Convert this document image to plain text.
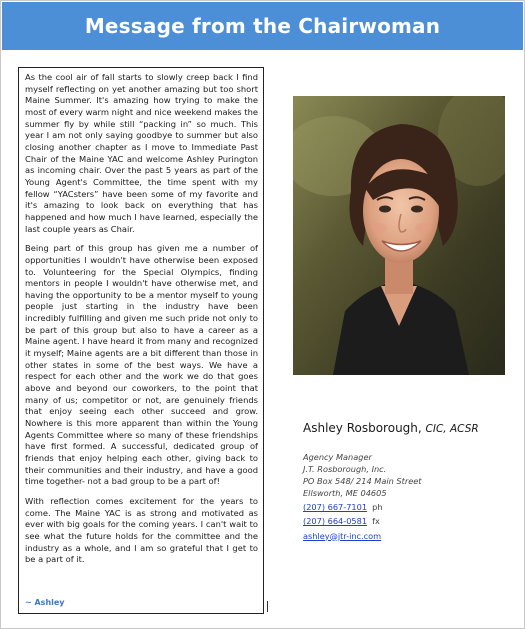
Message from the Chairwoman

As the cool air of fall starts to slowly creep back I find myself reflecting on yet another amazing but too short Maine Summer. It's amazing how trying to make the most of every warm night and nice weekend makes the summer fly by while still “packing in” so much. This year I am not only saying goodbye to summer but also closing another chapter as I move to Immediate Past Chair of the Maine YAC and welcome Ashley Purington as incoming chair. Over the past 5 years as part of the Young Agent's Committee, the time spent with my fellow “YACsters” have been some of my favorite and it's amazing to look back on everything that has happened and how much I have learned, especially the last couple years as Chair.

Being part of this group has given me a number of opportunities I wouldn't have otherwise been exposed to. Volunteering for the Special Olympics, finding mentors in people I wouldn't have otherwise met, and having the opportunity to be a mentor myself to young people just starting in the industry have been incredibly fulfilling and given me such pride not only to be part of this group but also to have a career as a Maine agent. I have heard it from many and recognized it myself; Maine agents are a bit different than those in other states in some of the best ways. We have a respect for each other and the work we do that goes above and beyond our coworkers, to the point that many of us; competitor or not, are genuinely friends that enjoy seeing each other succeed and grow. Nowhere is this more apparent than within the Young Agents Committee where so many of these friendships have first formed. A successful, dedicated group of friends that enjoy helping each other, giving back to their communities and their industry, and have a good time together- not a bad group to be a part of!

With reflection comes excitement for the years to come. The Maine YAC is as strong and motivated as ever with big goals for the coming years. I can't wait to see what the future holds for the committee and the industry as a whole, and I am so grateful that I get to be a part of it.

~ Ashley
Ashley Rosborough, CIC, ACSR
Agency Manager
J.T. Rosborough, Inc.
PO Box 548/ 214 Main Street
Ellsworth, ME 04605
(207) 667-7101 ph
(207) 664-0581 fx
ashley@jtr-inc.com
